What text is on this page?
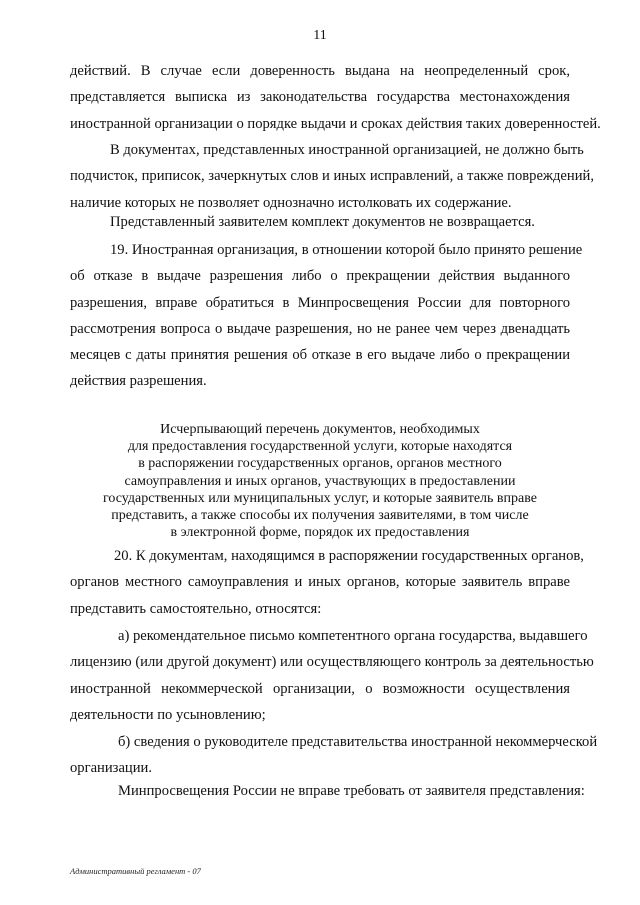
11
действий. В случае если доверенность выдана на неопределенный срок,
представляется выписка из законодательства государства местонахождения
иностранной организации о порядке выдачи и сроках действия таких доверенностей.
В документах, представленных иностранной организацией, не должно быть
подчисток, приписок, зачеркнутых слов и иных исправлений, а также повреждений,
наличие которых не позволяет однозначно истолковать их содержание.
Представленный заявителем комплект документов не возвращается.
19. Иностранная организация, в отношении которой было принято решение
об отказе в выдаче разрешения либо о прекращении действия выданного
разрешения, вправе обратиться в Минпросвещения России для повторного
рассмотрения вопроса о выдаче разрешения, но не ранее чем через двенадцать
месяцев с даты принятия решения об отказе в его выдаче либо о прекращении
действия разрешения.
Исчерпывающий перечень документов, необходимых
для предоставления государственной услуги, которые находятся
в распоряжении государственных органов, органов местного
самоуправления и иных органов, участвующих в предоставлении
государственных или муниципальных услуг, и которые заявитель вправе
представить, а также способы их получения заявителями, в том числе
в электронной форме, порядок их предоставления
20. К документам, находящимся в распоряжении государственных органов,
органов местного самоуправления и иных органов, которые заявитель вправе
представить самостоятельно, относятся:
а) рекомендательное письмо компетентного органа государства, выдавшего
лицензию (или другой документ) или осуществляющего контроль за деятельностью
иностранной некоммерческой организации, о возможности осуществления
деятельности по усыновлению;
б) сведения о руководителе представительства иностранной некоммерческой
организации.
Минпросвещения России не вправе требовать от заявителя представления:
Административный регламент - 07
